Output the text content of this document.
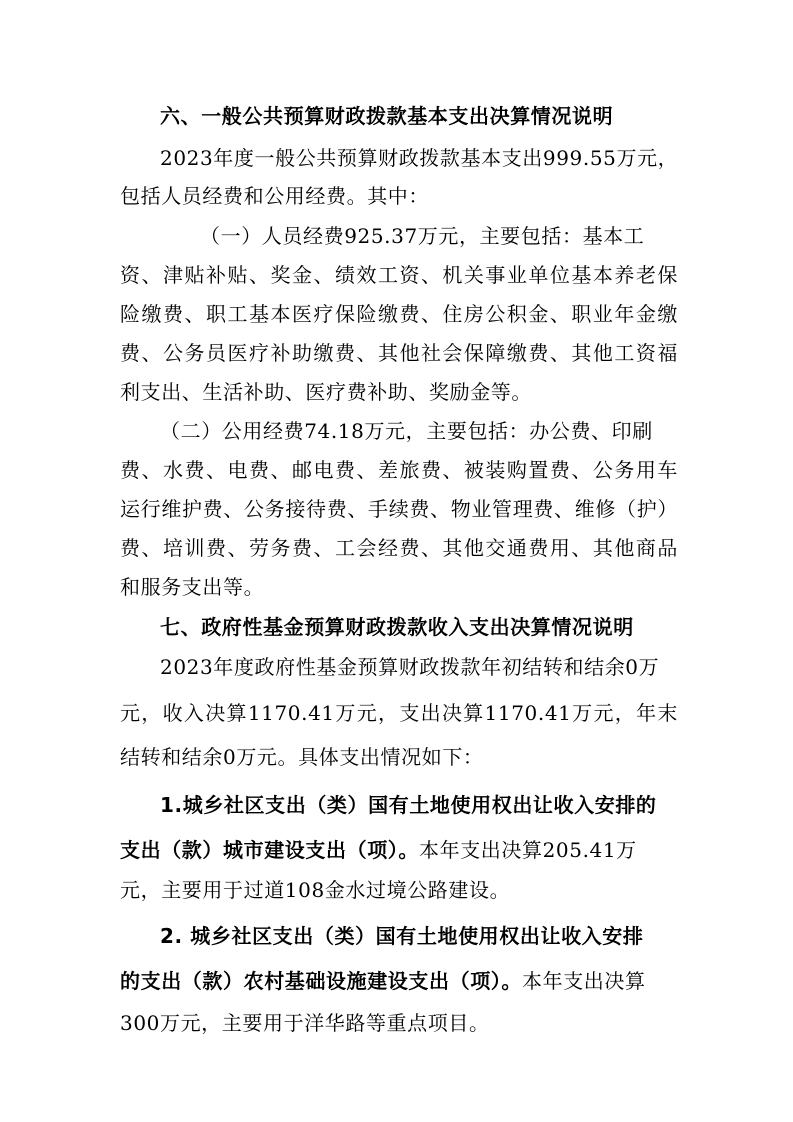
六、一般公共预算财政拨款基本支出决算情况说明
2023年度一般公共预算财政拨款基本支出999.55万元，
包括人员经费和公用经费。其中：
（一）人员经费925.37万元，主要包括：基本工
资、津贴补贴、奖金、绩效工资、机关事业单位基本养老保
险缴费、职工基本医疗保险缴费、住房公积金、职业年金缴
费、公务员医疗补助缴费、其他社会保障缴费、其他工资福
利支出、生活补助、医疗费补助、奖励金等。
（二）公用经费74.18万元，主要包括：办公费、印刷
费、水费、电费、邮电费、差旅费、被装购置费、公务用车
运行维护费、公务接待费、手续费、物业管理费、维修（护）
费、培训费、劳务费、工会经费、其他交通费用、其他商品
和服务支出等。
七、政府性基金预算财政拨款收入支出决算情况说明
2023年度政府性基金预算财政拨款年初结转和结余0万
元，收入决算1170.41万元，支出决算1170.41万元，年末
结转和结余0万元。具体支出情况如下：
1.城乡社区支出（类）国有土地使用权出让收入安排的
支出（款）城市建设支出（项）。本年支出决算205.41万
元，主要用于过道108金水过境公路建设。
2. 城乡社区支出（类）国有土地使用权出让收入安排
的支出（款）农村基础设施建设支出（项）。本年支出决算
300万元，主要用于洋华路等重点项目。
